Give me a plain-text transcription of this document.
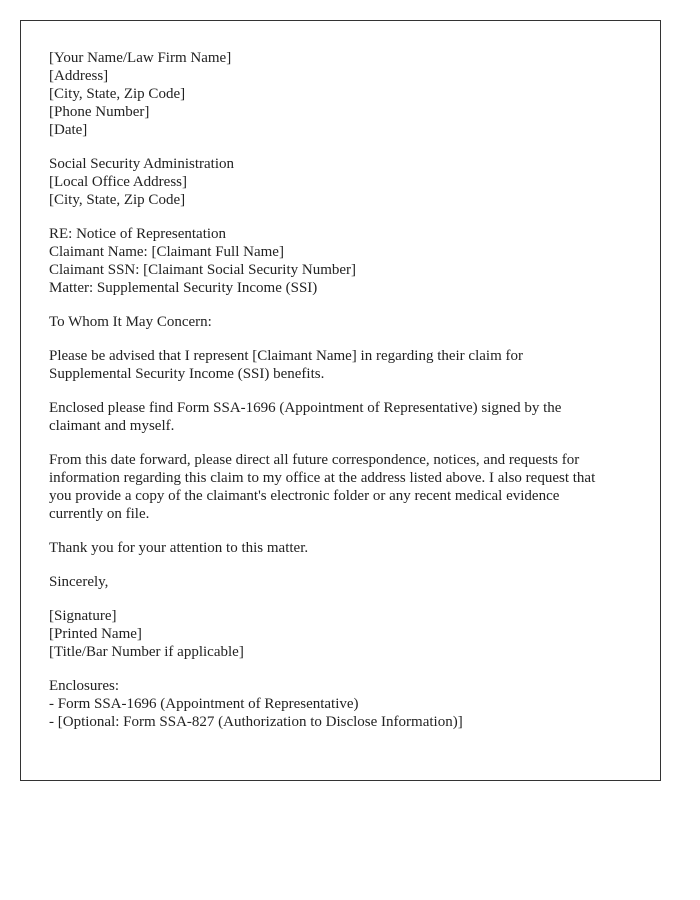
[Your Name/Law Firm Name]
[Address]
[City, State, Zip Code]
[Phone Number]
[Date]
Social Security Administration
[Local Office Address]
[City, State, Zip Code]
RE: Notice of Representation
Claimant Name: [Claimant Full Name]
Claimant SSN: [Claimant Social Security Number]
Matter: Supplemental Security Income (SSI)
To Whom It May Concern:
Please be advised that I represent [Claimant Name] in regarding their claim for
Supplemental Security Income (SSI) benefits.
Enclosed please find Form SSA-1696 (Appointment of Representative) signed by the
claimant and myself.
From this date forward, please direct all future correspondence, notices, and requests for
information regarding this claim to my office at the address listed above. I also request that
you provide a copy of the claimant's electronic folder or any recent medical evidence
currently on file.
Thank you for your attention to this matter.
Sincerely,
[Signature]
[Printed Name]
[Title/Bar Number if applicable]
Enclosures:
- Form SSA-1696 (Appointment of Representative)
- [Optional: Form SSA-827 (Authorization to Disclose Information)]
